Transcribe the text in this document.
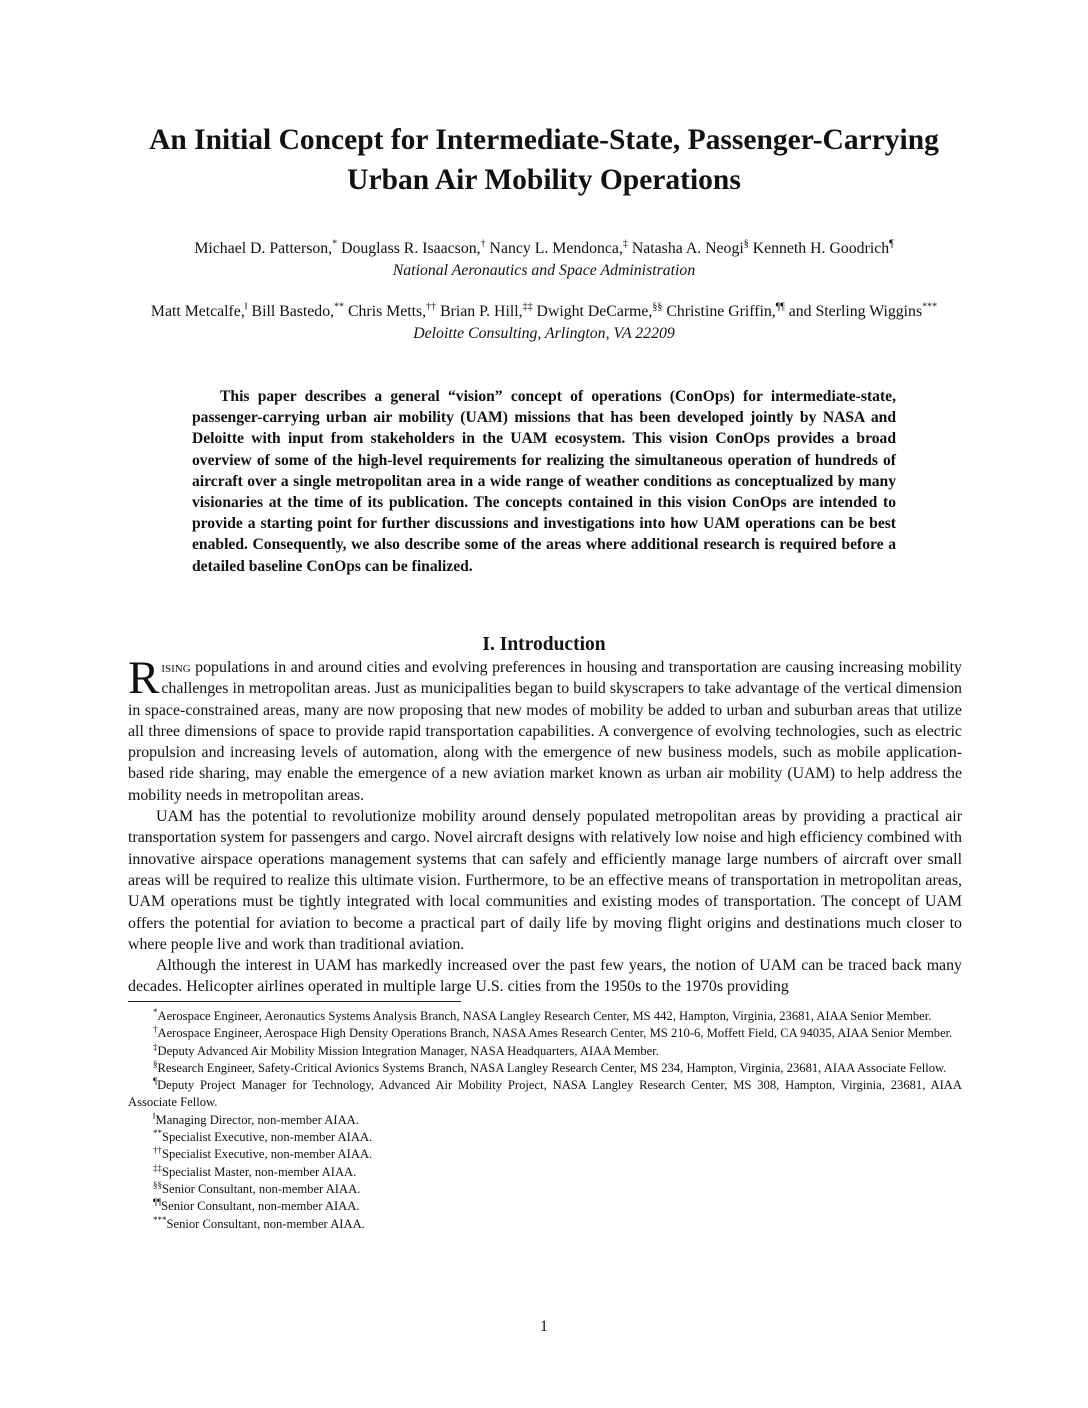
An Initial Concept for Intermediate-State, Passenger-Carrying Urban Air Mobility Operations
Michael D. Patterson,* Douglass R. Isaacson,† Nancy L. Mendonca,‡ Natasha A. Neogi§ Kenneth H. Goodrich¶
National Aeronautics and Space Administration
Matt Metcalfe,‖ Bill Bastedo,** Chris Metts,†† Brian P. Hill,‡‡ Dwight DeCarme,§§ Christine Griffin,¶¶ and Sterling Wiggins***
Deloitte Consulting, Arlington, VA 22209

This paper describes a general “vision” concept of operations (ConOps) for intermediate-state, passenger-carrying urban air mobility (UAM) missions that has been developed jointly by NASA and Deloitte with input from stakeholders in the UAM ecosystem. This vision ConOps provides a broad overview of some of the high-level requirements for realizing the simultaneous operation of hundreds of aircraft over a single metropolitan area in a wide range of weather conditions as conceptualized by many visionaries at the time of its publication. The concepts contained in this vision ConOps are intended to provide a starting point for further discussions and investigations into how UAM operations can be best enabled. Consequently, we also describe some of the areas where additional research is required before a detailed baseline ConOps can be finalized.

I. Introduction

Rising populations in and around cities and evolving preferences in housing and transportation are causing increasing mobility challenges in metropolitan areas. Just as municipalities began to build skyscrapers to take advantage of the vertical dimension in space-constrained areas, many are now proposing that new modes of mobility be added to urban and suburban areas that utilize all three dimensions of space to provide rapid transportation capabilities. A convergence of evolving technologies, such as electric propulsion and increasing levels of automation, along with the emergence of new business models, such as mobile application-based ride sharing, may enable the emergence of a new aviation market known as urban air mobility (UAM) to help address the mobility needs in metropolitan areas.

UAM has the potential to revolutionize mobility around densely populated metropolitan areas by providing a practical air transportation system for passengers and cargo. Novel aircraft designs with relatively low noise and high efficiency combined with innovative airspace operations management systems that can safely and efficiently manage large numbers of aircraft over small areas will be required to realize this ultimate vision. Furthermore, to be an effective means of transportation in metropolitan areas, UAM operations must be tightly integrated with local communities and existing modes of transportation. The concept of UAM offers the potential for aviation to become a practical part of daily life by moving flight origins and destinations much closer to where people live and work than traditional aviation.

Although the interest in UAM has markedly increased over the past few years, the notion of UAM can be traced back many decades. Helicopter airlines operated in multiple large U.S. cities from the 1950s to the 1970s providing

*Aerospace Engineer, Aeronautics Systems Analysis Branch, NASA Langley Research Center, MS 442, Hampton, Virginia, 23681, AIAA Senior Member.

†Aerospace Engineer, Aerospace High Density Operations Branch, NASA Ames Research Center, MS 210-6, Moffett Field, CA 94035, AIAA Senior Member.

‡Deputy Advanced Air Mobility Mission Integration Manager, NASA Headquarters, AIAA Member.

§Research Engineer, Safety-Critical Avionics Systems Branch, NASA Langley Research Center, MS 234, Hampton, Virginia, 23681, AIAA Associate Fellow.

¶Deputy Project Manager for Technology, Advanced Air Mobility Project, NASA Langley Research Center, MS 308, Hampton, Virginia, 23681, AIAA Associate Fellow.

‖Managing Director, non-member AIAA.

**Specialist Executive, non-member AIAA.

††Specialist Executive, non-member AIAA.

‡‡Specialist Master, non-member AIAA.

§§Senior Consultant, non-member AIAA.

¶¶Senior Consultant, non-member AIAA.

***Senior Consultant, non-member AIAA.

1
